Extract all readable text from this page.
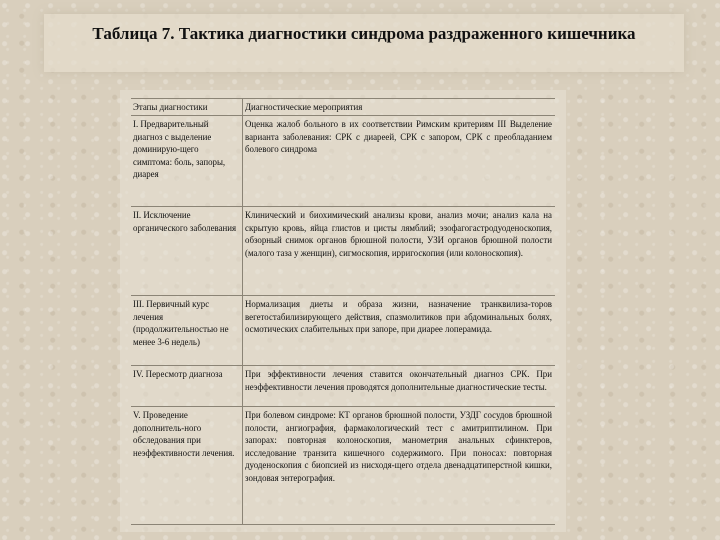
Таблица 7. Тактика диагностики синдрома раздраженного кишечника
Этапы диагностики	Диагностические мероприятия
I. Предварительный диагноз с выделение доминирую-щего симптома: боль, запоры, диарея	Оценка жалоб больного в их соответствии Римским критериям III Выделение варианта заболевания: СРК с диареей, СРК с запором, СРК с преобладанием болевого синдрома
II. Исключение органического заболевания	Клинический и биохимический анализы крови, анализ мочи; анализ кала на скрытую кровь, яйца глистов и цисты лямблий; эзофагогастродуоденоскопия, обзорный снимок органов брюшной полости, УЗИ органов брюшной полости (малого таза у женщин), сигмоскопия, ирригоскопия (или колоноскопия).
III. Первичный курс лечения (продолжительностью не менее 3-6 недель)	Нормализация диеты и образа жизни, назначение транквилиза-торов вегетостабилизирующего действия, спазмолитиков при абдоминальных болях, осмотических слабительных при запоре, при диарее лоперамида.
IV. Пересмотр диагноза	При эффективности лечения ставится окончательный диагноз СРК. При неэффективности лечения проводятся дополнительные диагностические тесты.
V. Проведение дополнитель-ного обследования при неэффективности лечения.	При болевом синдроме: КТ органов брюшной полости, УЗДГ сосудов брюшной полости, ангиография, фармакологический тест с амитриптилином. При запорах: повторная колоноскопия, манометрия анальных сфинктеров, исследование транзита кишечного содержимого. При поносах: повторная дуоденоскопия с биопсией из нисходя-щего отдела двенадцатиперстной кишки, зондовая энтерография.
